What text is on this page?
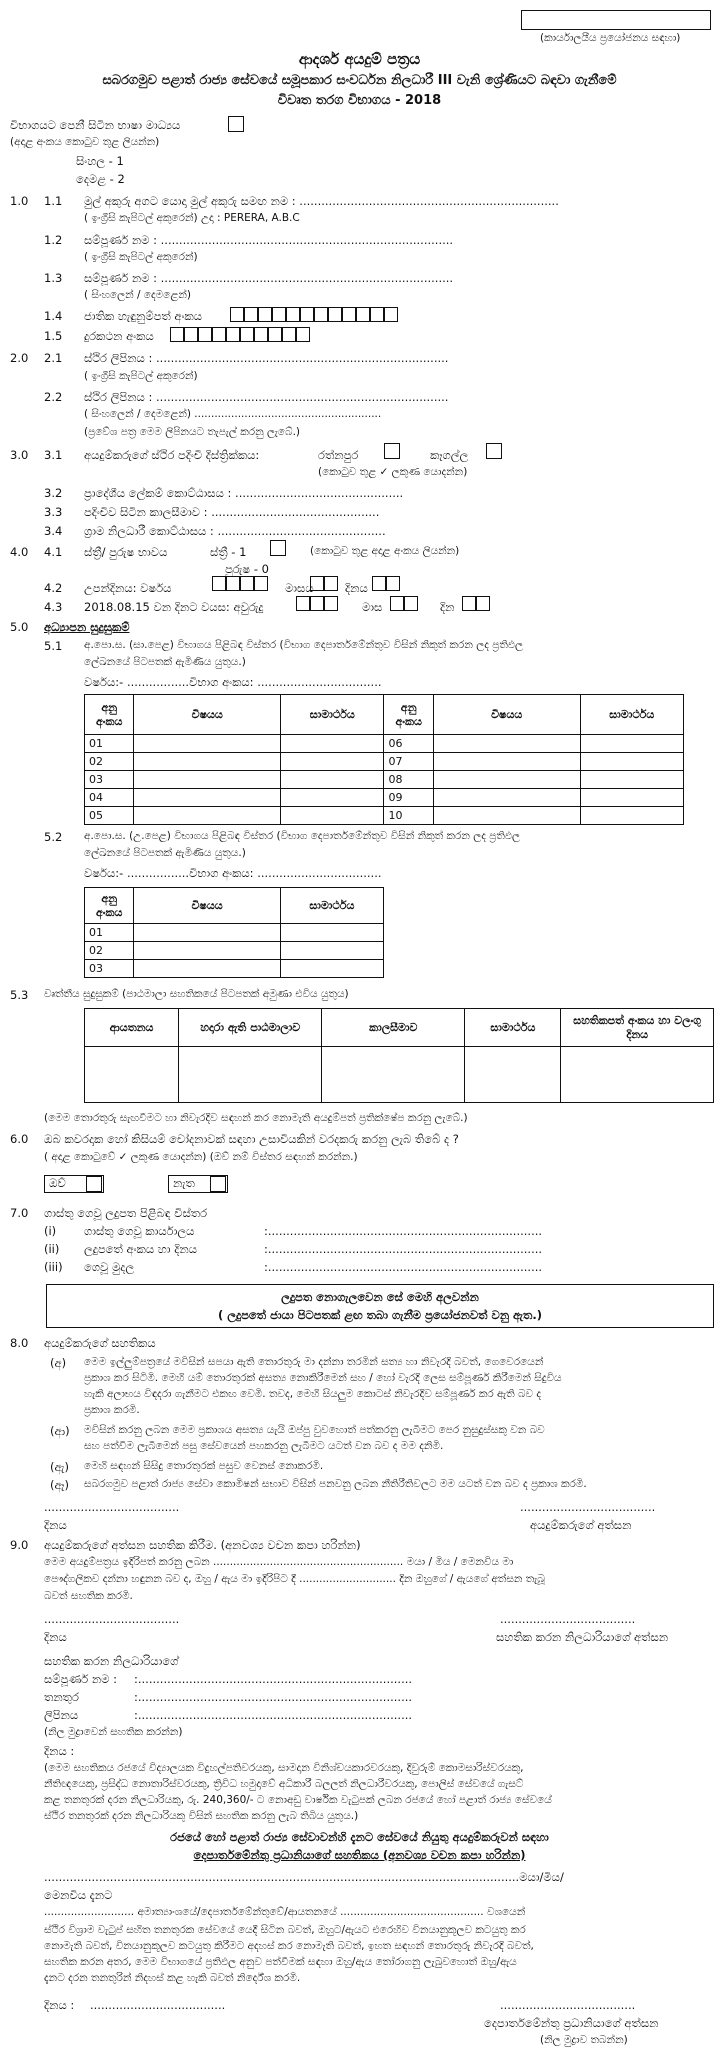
(කාර්යාලයීය ප්‍රයෝජනය සඳහා)
ආදර්ශ අයදුම් පත්‍රය
සබරගමුව පළාත් රාජ්‍ය සේවයේ සමූපකාර සංවර්ධන නිලධාරී III වැනි ශ්‍රේණියට බඳවා ගැනීමේ
විවෘත තරග විභාගය - 2018
විභාගයට පෙනී සිටින භාෂා මාධ්‍යය
(අදාළ අංකය කොටුව තුළ ලියන්න)
සිංහල - 1
දෙමළ - 2
1.0 1.1 මුල් අකුරු අගට යොදා මුල් අකුරු සමඟ නම : .......................................................................
( ඉංග්‍රීසි කැපිටල් අකුරෙන්) උදා : PERERA, A.B.C
1.2 සම්පූර්ණ නම : ................................................................................
( ඉංග්‍රීසි කැපිටල් අකුරෙන්)
1.3 සම්පූර්ණ නම : ................................................................................
( සිංහලෙන් / දෙමළෙන්)
1.4 ජාතික හැඳුනුම්පත් අංකය
1.5 දුරකථන අංකය
2.0 2.1 ස්ථිර ලිපිනය : ................................................................................
( ඉංග්‍රීසි කැපිටල් අකුරෙන්)
2.2 ස්ථිර ලිපිනය : ................................................................................
( සිංහලෙන් / දෙමළෙන්) ........................................................
(ප්‍රවේශ පත්‍ර මෙම ලිපිනයට තැපැල් කරනු ලැබේ.)
3.0 3.1 අයදුම්කරුගේ ස්ථිර පදිංචි දිස්ත්‍රික්කය:	රත්නපුර	කෑගල්ල
(කොටුව තුළ ✓ ලකුණ යොදන්න)
3.2 ප්‍රාදේශීය ලේකම් කොට්ඨාසය : ..............................................
3.3 පදිංචිව සිටින කාලසීමාව : ..............................................
3.4 ග්‍රාම නිලධාරී කොට්ඨාසය : ..............................................
4.0 4.1 ස්ත්‍රී/ පුරුෂ භාවය	ස්ත්‍රී - 1	(කොටුව තුළ අදාළ අංකය ලියන්න)
පුරුෂ - 0
4.2 උපන්දිනය: වර්ෂය	මාසය	දිනය
4.3 2018.08.15 වන දිනට වයස: අවුරුදු	මාස	දින
5.0 අධ්‍යාපන සුදුසුකම්
5.1 අ.පො.ස. (සා.පෙළ) විභාගය පිළිබඳ විස්තර (විභාග දෙපාර්තමේන්තුව විසින් නිකුත් කරන ලද ප්‍රතිඵල
ලේඛනයේ පිටපතක් ඇමිණිය යුතුය.)
වර්ෂය:- .................විභාග අංකය: ..................................
අනු අංකය	විෂයය	සාමාර්ථය	අනු අංකය	විෂයය	සාමාර්ථය
01			06		
02			07		
03			08		
04			09		
05			10		
5.2 අ.පො.ස. (උ.පෙළ) විභාගය පිළිබඳ විස්තර (විභාග දෙපාර්තමේන්තුව විසින් නිකුත් කරන ලද ප්‍රතිඵල
ලේඛනයේ පිටපතක් ඇමිණිය යුතුය.)
වර්ෂය:- .................විභාග අංකය: ..................................
අනු අංකය	විෂයය	සාමාර්ථය
01		
02		
03		
5.3 වෘත්තීය සුදුසුකම් (පාඨමාලා සහතිකයේ පිටපතක් අමුණා එවිය යුතුය)
ආයතනය	හදාරා ඇති පාඨමාලාව	කාලසීමාව	සාමාර්ථය	සහතිකපත් අංකය හා වලංගු දිනය

(මෙම තොරතුරු සැඟවීමට හා නිවැරදිව සඳහන් කර නොමැති අයදුම්පත් ප්‍රතික්ෂේප කරනු ලැබේ.)
6.0 ඔබ කවරදාක හෝ කිසියම් චෝදනාවක් සඳහා උසාවියකින් වරදකරු කරනු ලැබ තිබේ ද ?
( අදාළ කොටුවේ ✓ ලකුණ යොදන්න) (ඔව් නම් විස්තර සඳහන් කරන්න.)
ඔව්	නැත
7.0 ගාස්තු ගෙවූ ලදුපත පිළිබඳ විස්තර
(i) ගාස්තු ගෙවූ කාර්යාලය	:...........................................................................
(ii) ලදුපතේ අංකය හා දිනය	:...........................................................................
(iii) ගෙවූ මුදල	:...........................................................................
ලදුපත නොගැලවෙන සේ මෙහි අලවන්න
( ලදුපතේ ජායා පිටපතක් ළඟ තබා ගැනීම ප්‍රයෝජනවත් වනු ඇත.)
8.0 අයදුම්කරුගේ සහතිකය
(අ) මෙම ඉල්ලුම්පත්‍රයේ මවිසින් සපයා ඇති තොරතුරු මා දන්නා තරමින් සත්‍ය හා නිවැරදි බවත්, ගෙවෙරයෙන්
ප්‍රකාශ කර සිටිමි. මෙහි යම් තොරතුරක් අසත්‍ය නොකිරීමෙන් සහ / හෝ වැරදි ලෙස සම්පූර්ණ කිරීමෙන් සිදුවිය
හැකි අලාභය විඳදරා ගැනීමට එකඟ වෙමි. තවද, මෙහි සියලුම කොටස් නිවැරදිව සම්පූර්ණ කර ඇති බව ද
ප්‍රකාශ කරමි.
(ආ) මවිසින් කරනු ලබන මෙම ප්‍රකාශය අසත්‍ය යැයි ඔප්පු වුවහොත් පත්කරනු ලැබීමට පෙර නුසුදුස්සකු වන බව
සහ පත්වීම ලැබීමෙන් පසු සේවයෙන් පහකරනු ලැබීමට යටත් වන බව ද මම දනිමි.
(ඇ) මෙහි සඳහන් සිසිදු තොරතුරක් පසුව වෙනස් නොකරමි.
(ඈ) සබරගමුව පළාත් රාජ්‍ය සේවා කොමිෂන් සභාව විසින් පනවනු ලබන නීතිරීතිවලට මම යටත් වන බව ද ප්‍රකාශ කරමි.
.....................................	.....................................
දිනය	අයදුම්කරුගේ අත්සන
9.0 අයදුම්කරුගේ අත්සන සහතික කිරීම. (අනවශ්‍ය වචන කපා හරින්න)
මෙම අයදුම්පත්‍රය ඉදිරිපත් කරනු ලබන ......................................................... මයා / මිය / මෙනවිය මා
පෞද්ගලිකව දන්නා හඳුනන බව ද, ඔහු / ඇය මා ඉදිරිපිට දී ............................. දින ඔහුගේ / ඇයගේ අත්සන තැබූ
බවත් සහතික කරමි.
.....................................	.....................................
දිනය	සහතික කරන නිලධාරියාගේ අත්සන
සහතික කරන නිලධාරියාගේ
සම්පූර්ණ නම : :...........................................................................
තනතුර	:...........................................................................
ලිපිනය	:...........................................................................
(නිල මුද්‍රාවෙන් සහතික කරන්න)
දිනය :
(මෙම සහතිකය රජයේ විද්‍යාලයක විදුහල්පතිවරයකු, සාමදාන විනිශ්චයකාරවරයකු, දිවුරුම් කොමසාරිස්වරයකු,
නීතිඥයෙකු, ප්‍රසිද්ධ නොතාරිස්වරයකු, ත්‍රිවිධ හමුදාවේ අධිකාරී බලලත් නිලධාරීවරයකු, පොලිස් සේවයේ ගැසට්
කළ තනතුරක් දරන නිලධාරියකු, රු. 240,360/- ට නොඅඩු වාර්ෂික වැටුපක් ලබන රජයේ හෝ පළාත් රාජ්‍ය සේවයේ
ස්ථිර තනතුරක් දරන නිලධාරියකු විසින් සහතික කරනු ලැබ තිබිය යුතුය.)
රජයේ හෝ පළාත් රාජ්‍ය සේවාවන්හි දැනට සේවයේ නියුතු අයදුම්කරුවන් සඳහා
දෙපාර්තමේන්තු ප්‍රධානියාගේ සහතිකය (අනවශ්‍ය වචන කපා හරින්න)
..................................................................................................................................මයා/මිය/
මෙනවිය දැනට
........................... අමාත්‍යාංශයේ/දෙපාර්තමේන්තුවේ/ආයතනයේ ........................................... වශයෙන්
ස්ථිර විශ්‍රාම වැටුප් සහිත තනතුරක සේවයේ යෙදී සිටින බවත්, ඔහුට/ඇයට එරෙහිව විනයානුකූලව කටයුතු කර
නොමැති බවත්, විනයානුකූලව කටයුතු කිරීමට අදහස් කර නොමැති බවත්, ඉහත සඳහන් තොරතුරු නිවැරදි බවත්,
සහතික කරන අතර, මෙම විභාගයේ ප්‍රතිඵල අනුව පත්වීමක් සඳහා ඔහු/ඇය තෝරාගනු ලැබුවහොත් ඔහු/ඇය
දැනට දරන තනතුරින් නිදහස් කළ හැකි බවත් නිර්දේශ කරමි.
දිනය : .....................................	.....................................
දෙපාර්තමේන්තු ප්‍රධානියාගේ අත්සන
(නිල මුද්‍රාව තබන්න)
